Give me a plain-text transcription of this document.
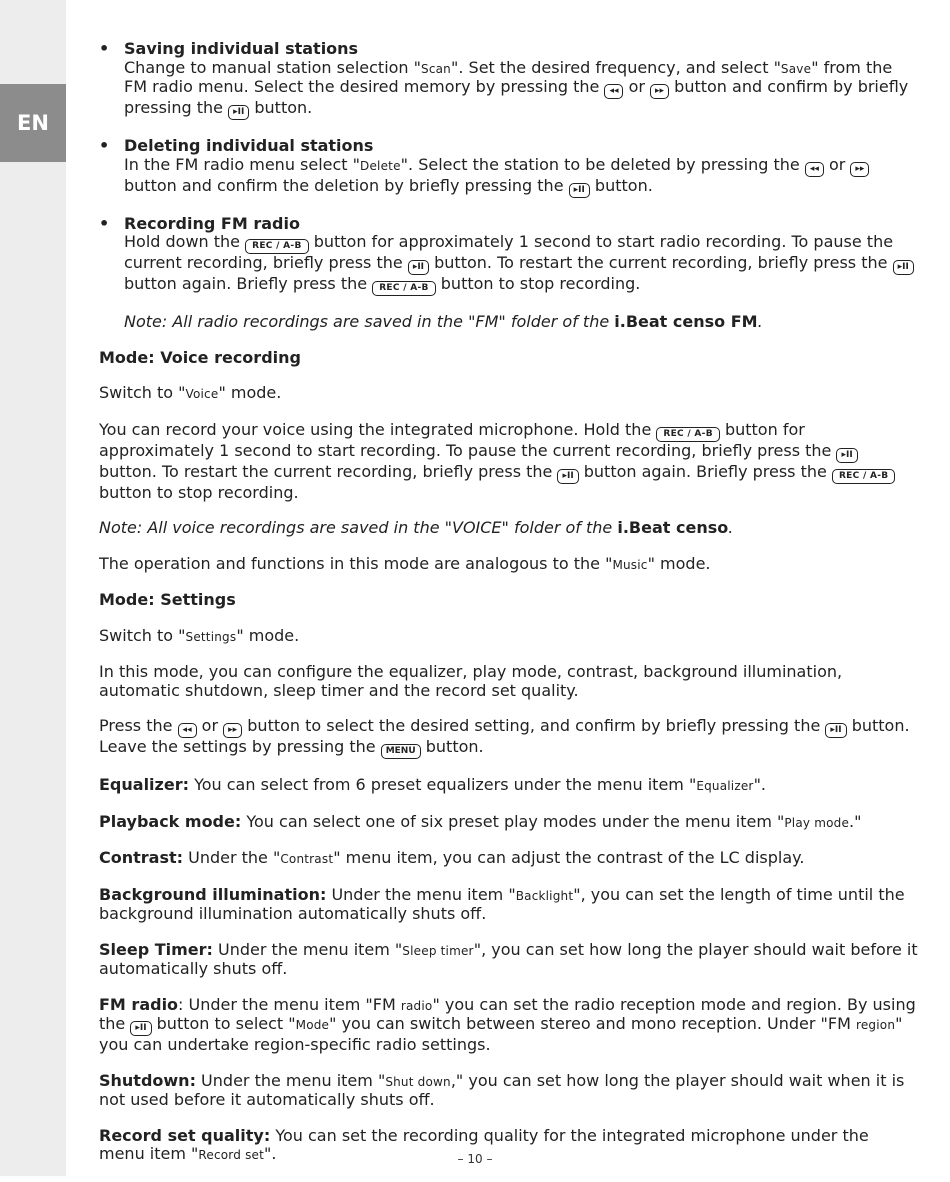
EN
• Saving individual stations
Change to manual station selection "Scan". Set the desired frequency, and select "Save" from the FM radio menu. Select the desired memory by pressing the ◂◂ or ▸▸ button and confirm by briefly pressing the ▸II button.
• Deleting individual stations
In the FM radio menu select "Delete". Select the station to be deleted by pressing the ◂◂ or ▸▸ button and confirm the deletion by briefly pressing the ▸II button.
• Recording FM radio
Hold down the REC / A-B button for approximately 1 second to start radio recording. To pause the current recording, briefly press the ▸II button. To restart the current recording, briefly press the ▸II button again. Briefly press the REC / A-B button to stop recording.
Note: All radio recordings are saved in the "FM" folder of the i.Beat censo FM.
Mode: Voice recording
Switch to "Voice" mode.
You can record your voice using the integrated microphone. Hold the REC / A-B button for approximately 1 second to start recording. To pause the current recording, briefly press the ▸II button. To restart the current recording, briefly press the ▸II button again. Briefly press the REC / A-B button to stop recording.
Note: All voice recordings are saved in the "VOICE" folder of the i.Beat censo.
The operation and functions in this mode are analogous to the "Music" mode.
Mode: Settings
Switch to "Settings" mode.
In this mode, you can configure the equalizer, play mode, contrast, background illumination, automatic shutdown, sleep timer and the record set quality.
Press the ◂◂ or ▸▸ button to select the desired setting, and confirm by briefly pressing the ▸II button. Leave the settings by pressing the MENU button.
Equalizer: You can select from 6 preset equalizers under the menu item "Equalizer".
Playback mode: You can select one of six preset play modes under the menu item "Play mode."
Contrast: Under the "Contrast" menu item, you can adjust the contrast of the LC display.
Background illumination: Under the menu item "Backlight", you can set the length of time until the background illumination automatically shuts off.
Sleep Timer: Under the menu item "Sleep timer", you can set how long the player should wait before it automatically shuts off.
FM radio: Under the menu item "FM radio" you can set the radio reception mode and region. By using the ▸II button to select "Mode" you can switch between stereo and mono reception. Under "FM region" you can undertake region-specific radio settings.
Shutdown: Under the menu item "Shut down," you can set how long the player should wait when it is not used before it automatically shuts off.
Record set quality: You can set the recording quality for the integrated microphone under the menu item "Record set".	– 10 –
